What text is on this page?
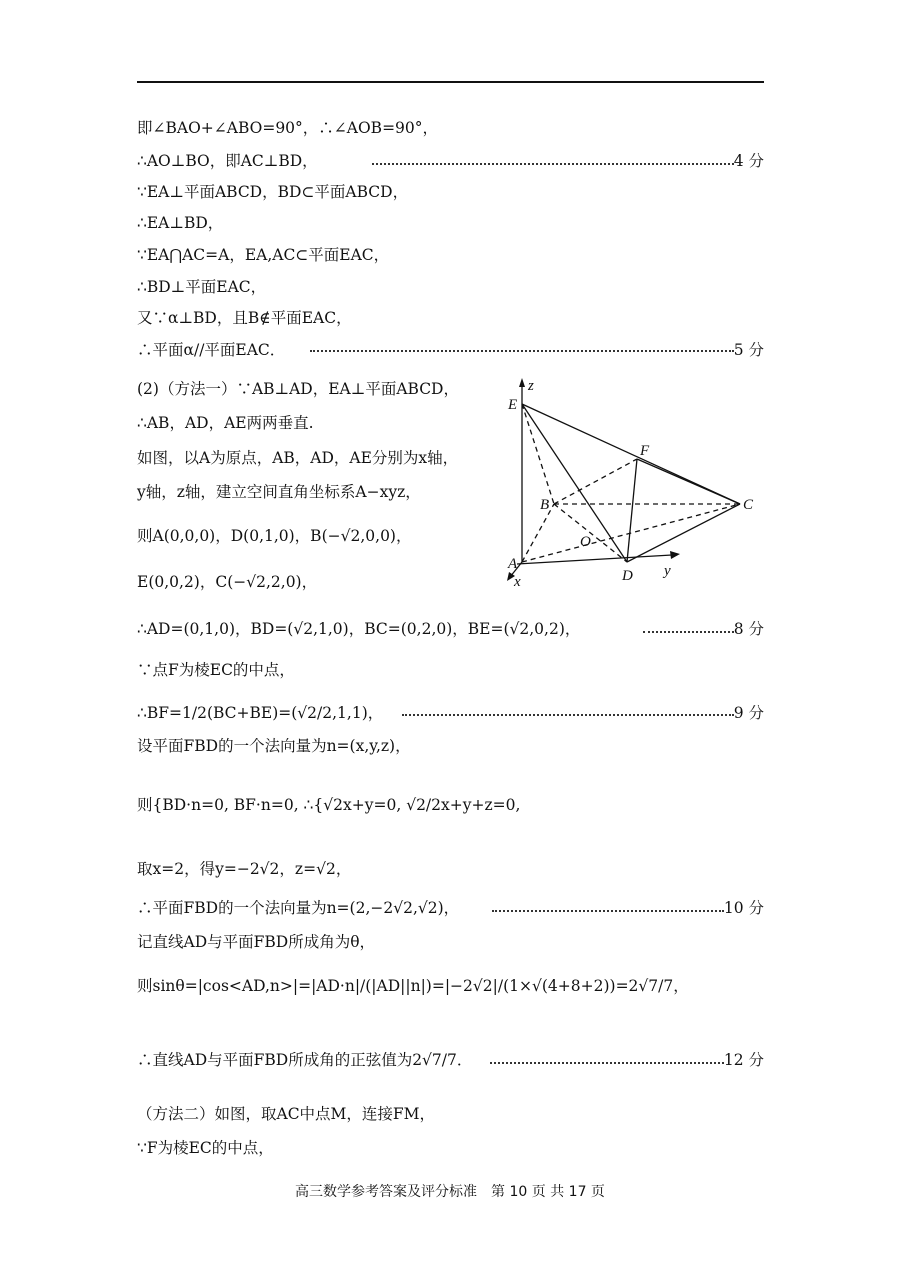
即∠BAO+∠ABO=90°，∴∠AOB=90°，
∴AO⊥BO，即AC⊥BD，	4 分
∵EA⊥平面ABCD，BD⊂平面ABCD，
∴EA⊥BD，
∵EA⋂AC=A，EA,AC⊂平面EAC，
∴BD⊥平面EAC，
又∵α⊥BD，且B∉平面EAC，
∴平面α//平面EAC．	5 分
(2)（方法一）∵AB⊥AD，EA⊥平面ABCD，
∴AB，AD，AE两两垂直.
如图，以A为原点，AB，AD，AE分别为x轴，
y轴，z轴，建立空间直角坐标系A−xyz，
则A(0,0,0)，D(0,1,0)，B(−√2,0,0)，
E(0,0,2)，C(−√2,2,0)，
z
E
F
B	C
O
A
D y
x
∴AD=(0,1,0)，BD=(√2,1,0)，BC=(0,2,0)，BE=(√2,0,2)，	8 分
∵点F为棱EC的中点，
∴BF=1/2(BC+BE)=(√2/2,1,1)，	9 分
设平面FBD的一个法向量为n=(x,y,z)，
则{BD·n=0, BF·n=0, ∴{√2x+y=0, √2/2x+y+z=0,
取x=2，得y=−2√2，z=√2，
∴平面FBD的一个法向量为n=(2,−2√2,√2)，	10 分
记直线AD与平面FBD所成角为θ，
则sinθ=|cos<AD,n>|=|AD·n|/(|AD||n|)=|−2√2|/(1×√(4+8+2))=2√7/7，
∴直线AD与平面FBD所成角的正弦值为2√7/7．	12 分
（方法二）如图，取AC中点M，连接FM，
∵F为棱EC的中点，
高三数学参考答案及评分标准　第 10 页 共 17 页
